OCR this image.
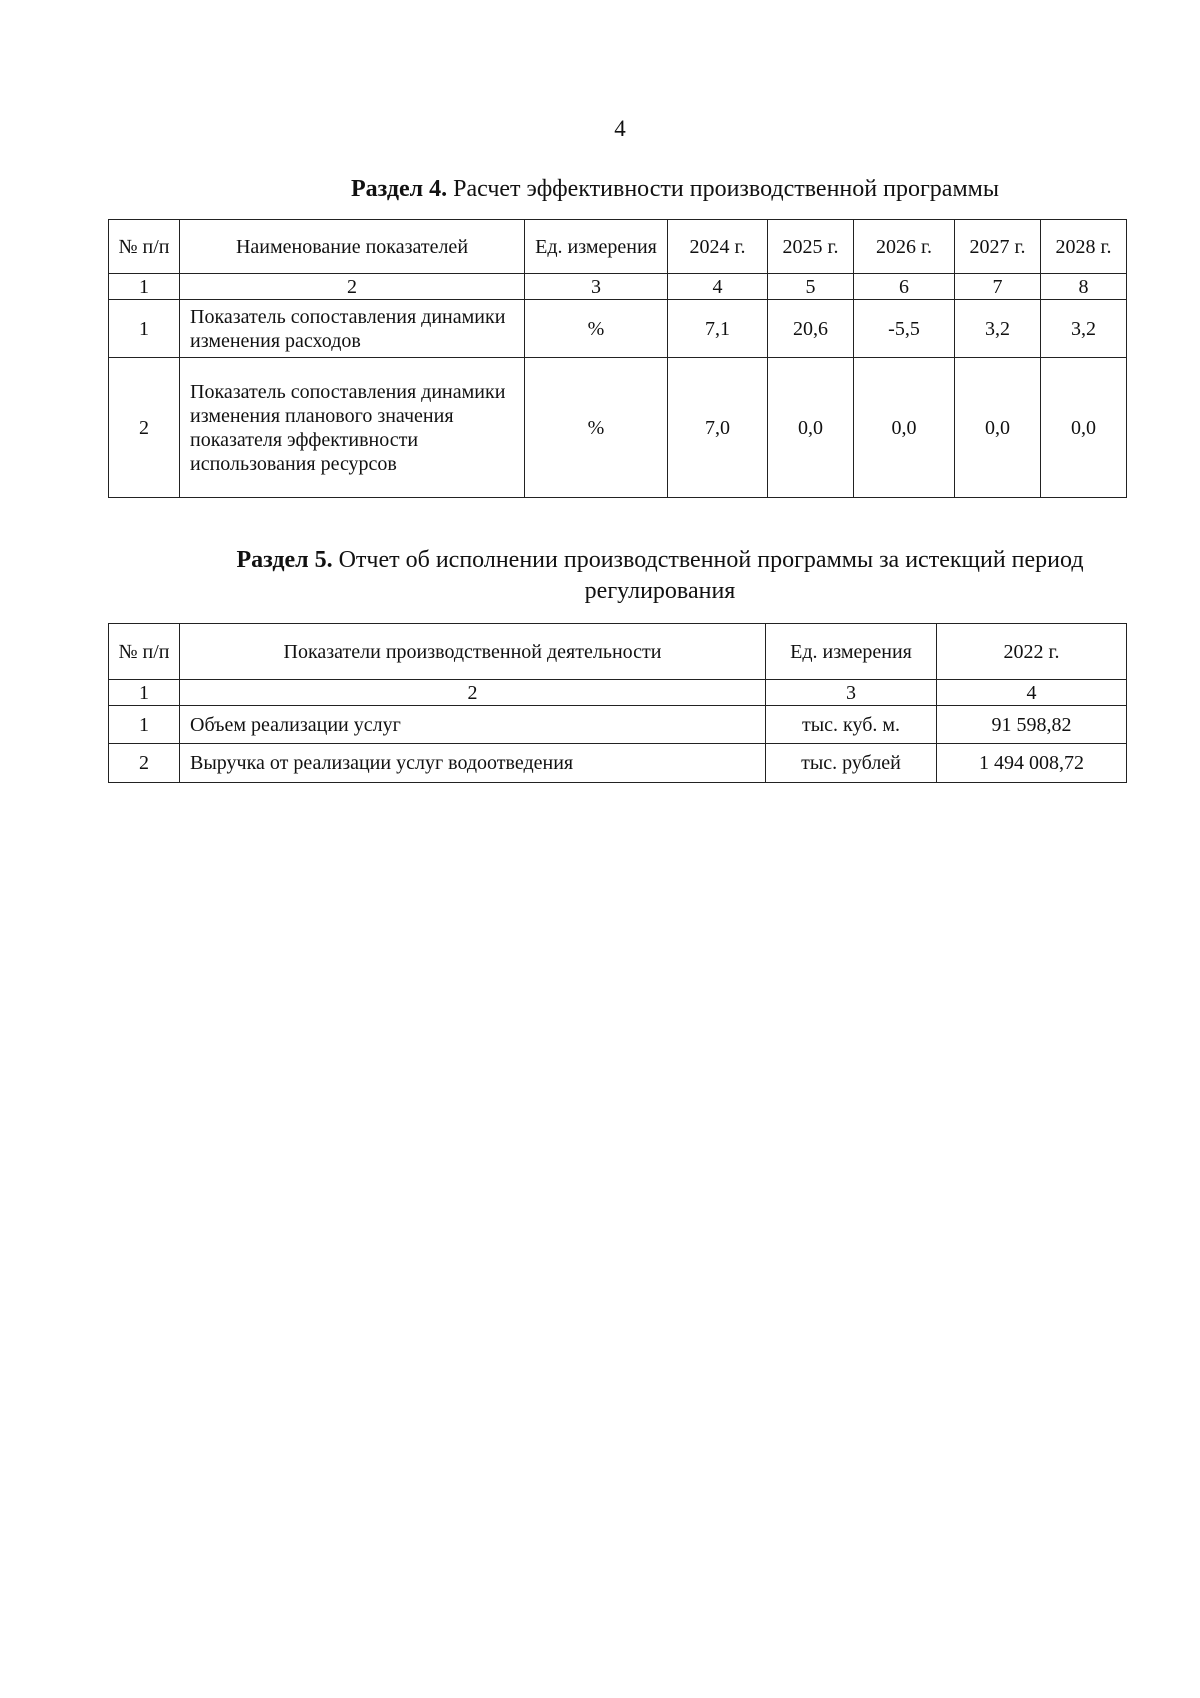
4
Раздел 4. Расчет эффективности производственной программы
№ п/п	Наименование показателей	Ед. измерения	2024 г.	2025 г.	2026 г.	2027 г.	2028 г.
1	2	3	4	5	6	7	8
1	Показатель сопоставления динамики изменения расходов	%	7,1	20,6	-5,5	3,2	3,2
2	Показатель сопоставления динамики изменения планового значения показателя эффективности использования ресурсов	%	7,0	0,0	0,0	0,0	0,0
Раздел 5. Отчет об исполнении производственной программы за истекщий период регулирования
№ п/п	Показатели производственной деятельности	Ед. измерения	2022 г.
1	2	3	4
1	Объем реализации услуг	тыс. куб. м.	91 598,82
2	Выручка от реализации услуг водоотведения	тыс. рублей	1 494 008,72
